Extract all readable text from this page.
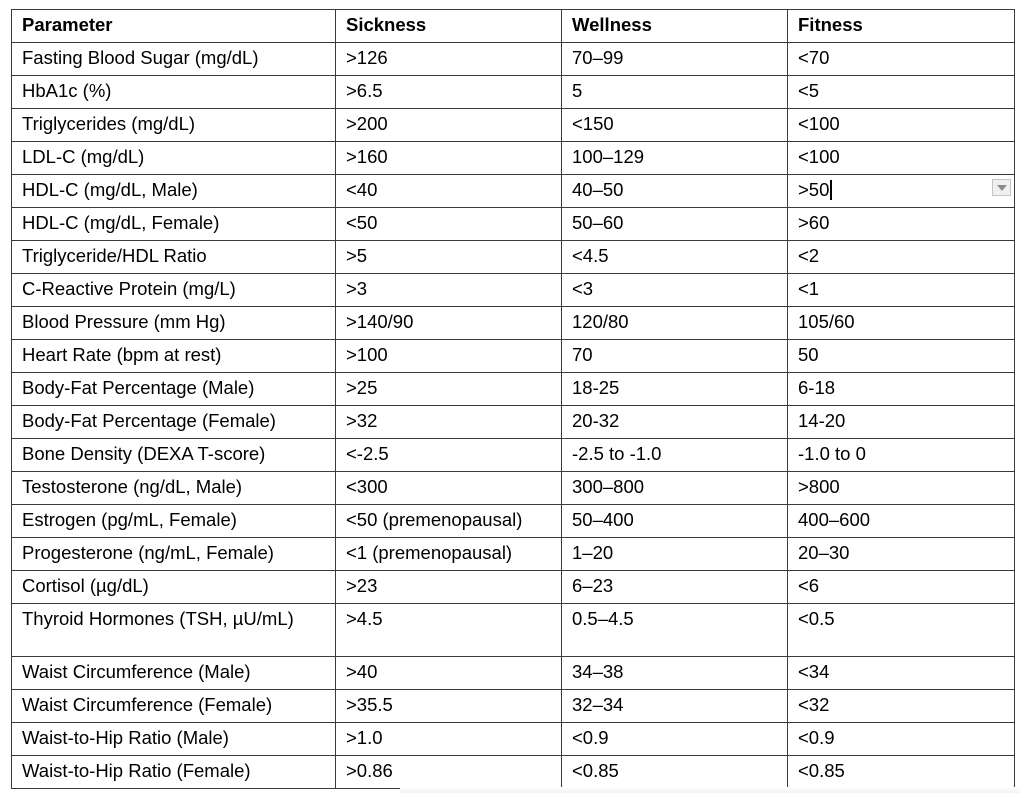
Parameter	Sickness	Wellness	Fitness
Fasting Blood Sugar (mg/dL)	>126	70–99	<70
HbA1c (%)	>6.5	5	<5
Triglycerides (mg/dL)	>200	<150	<100
LDL-C (mg/dL)	>160	100–129	<100
HDL-C (mg/dL, Male)	<40	40–50	>50

HDL-C (mg/dL, Female)	<50	50–60	>60
Triglyceride/HDL Ratio	>5	<4.5	<2
C-Reactive Protein (mg/L)	>3	<3	<1
Blood Pressure (mm Hg)	>140/90	120/80	105/60
Heart Rate (bpm at rest)	>100	70	50
Body-Fat Percentage (Male)	>25	18-25	6-18
Body-Fat Percentage (Female)	>32	20-32	14-20
Bone Density (DEXA T-score)	<-2.5	-2.5 to -1.0	-1.0 to 0
Testosterone (ng/dL, Male)	<300	300–800	>800
Estrogen (pg/mL, Female)	<50 (premenopausal)	50–400	400–600
Progesterone (ng/mL, Female)	<1 (premenopausal)	1–20	20–30
Cortisol (µg/dL)	>23	6–23	<6
Thyroid Hormones (TSH, µU/mL)	>4.5	0.5–4.5	<0.5
Waist Circumference (Male)	>40	34–38	<34
Waist Circumference (Female)	>35.5	32–34	<32
Waist-to-Hip Ratio (Male)	>1.0	<0.9	<0.9
Waist-to-Hip Ratio (Female)	>0.86	<0.85	<0.85
